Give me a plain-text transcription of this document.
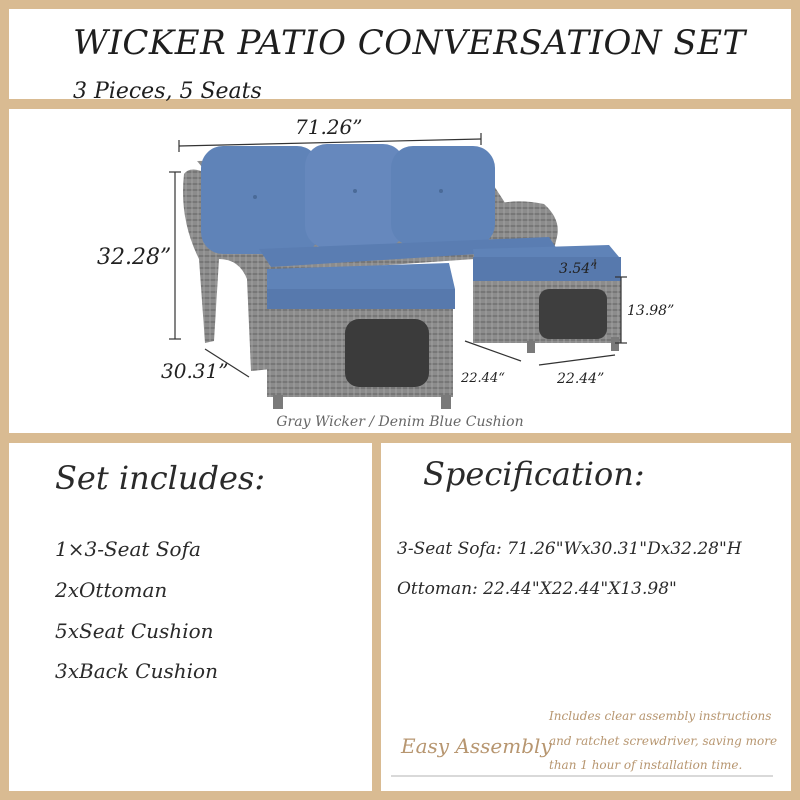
WICKER PATIO CONVERSATION SET
3 Pieces, 5 Seats
71.26”
32.28”
30.31”
3.54”
13.98”
22.44“	22.44”
Gray Wicker / Denim Blue Cushion
Set includes:
1×3-Seat Sofa
2xOttoman
5xSeat Cushion
3xBack Cushion
Specification:
3-Seat Sofa: 71.26"Wx30.31"Dx32.28"H
Ottoman: 22.44"X22.44"X13.98"
Easy Assembly
Includes clear assembly instructions
and ratchet screwdriver, saving more
than 1 hour of installation time.
